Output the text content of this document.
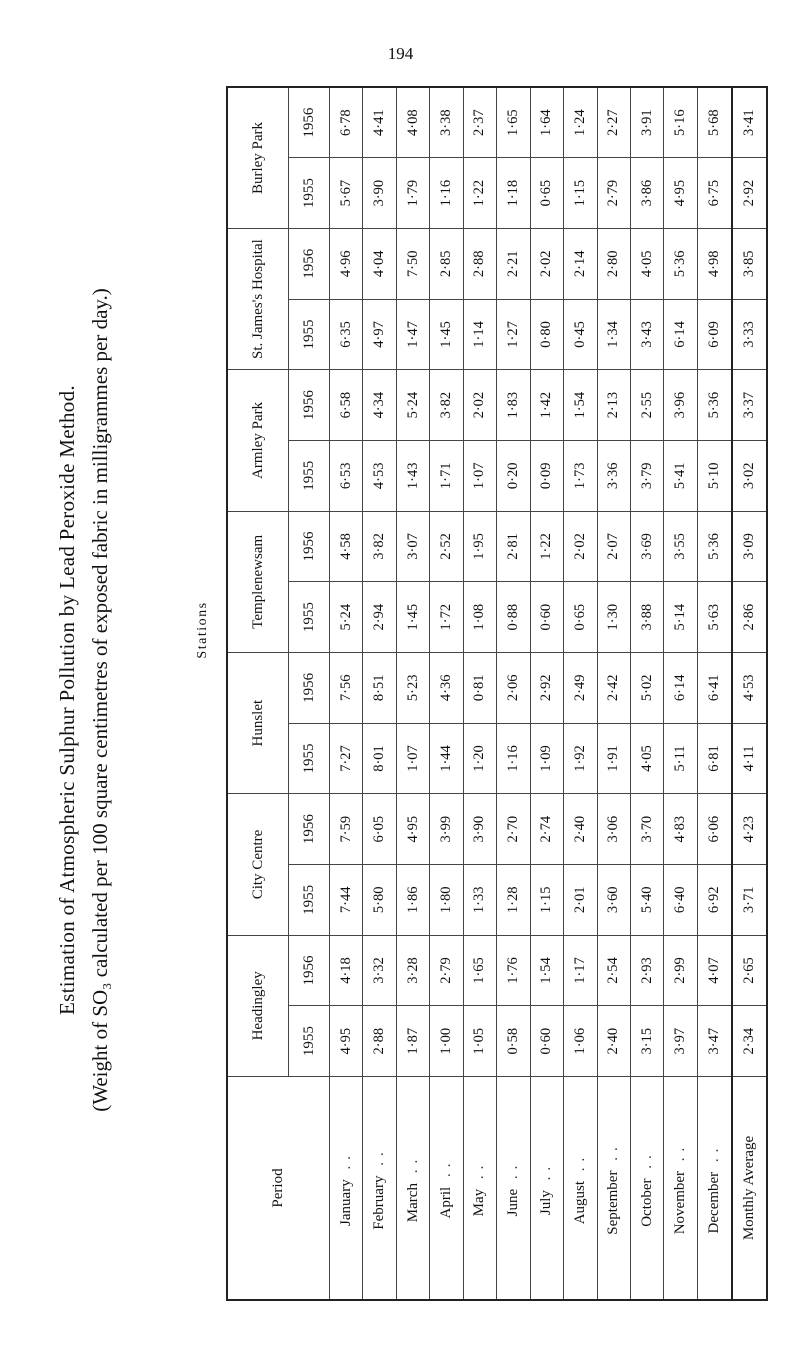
194
Estimation of Atmospheric Sulphur Pollution by Lead Peroxide Method. (Weight of SO₃ calculated per 100 square centimetres of exposed fabric in milligrammes per day.)	Stations
Period	Headingley		City Centre		Hunslet		Templenewsam		Armley Park		St. James's Hospital		Burley Park	
	1955	1956	1955	1956	1955	1956	1955	1956	1955	1956	1955	1956	1955	1956
January ..	4·95	4·18	7·44	7·59	7·27	7·56	5·24	4·58	6·53	6·58	6·35	4·96	5·67	6·78
February ..	2·88	3·32	5·80	6·05	8·01	8·51	2·94	3·82	4·53	4·34	4·97	4·04	3·90	4·41
March ..	1·87	3·28	1·86	4·95	1·07	5·23	1·45	3·07	1·43	5·24	1·47	7·50	1·79	4·08
April ..	1·00	2·79	1·80	3·99	1·44	4·36	1·72	2·52	1·71	3·82	1·45	2·85	1·16	3·38
May ..	1·05	1·65	1·33	3·90	1·20	0·81	1·08	1·95	1·07	2·02	1·14	2·88	1·22	2·37
June ..	0·58	1·76	1·28	2·70	1·16	2·06	0·88	2·81	0·20	1·83	1·27	2·21	1·18	1·65
July ..	0·60	1·54	1·15	2·74	1·09	2·92	0·60	1·22	0·09	1·42	0·80	2·02	0·65	1·64
August ..	1·06	1·17	2·01	2·40	1·92	2·49	0·65	2·02	1·73	1·54	0·45	2·14	1·15	1·24
September ..	2·40	2·54	3·60	3·06	1·91	2·42	1·30	2·07	3·36	2·13	1·34	2·80	2·79	2·27
October ..	3·15	2·93	5·40	3·70	4·05	5·02	3·88	3·69	3·79	2·55	3·43	4·05	3·86	3·91
November ..	3·97	2·99	6·40	4·83	5·11	6·14	5·14	3·55	5·41	3·96	6·14	5·36	4·95	5·16
December ..	3·47	4·07	6·92	6·06	6·81	6·41	5·63	5·36	5·10	5·36	6·09	4·98	6·75	5·68
Monthly Average	2·34	2·65	3·71	4·23	4·11	4·53	2·86	3·09	3·02	3·37	3·33	3·85	2·92	3·41
